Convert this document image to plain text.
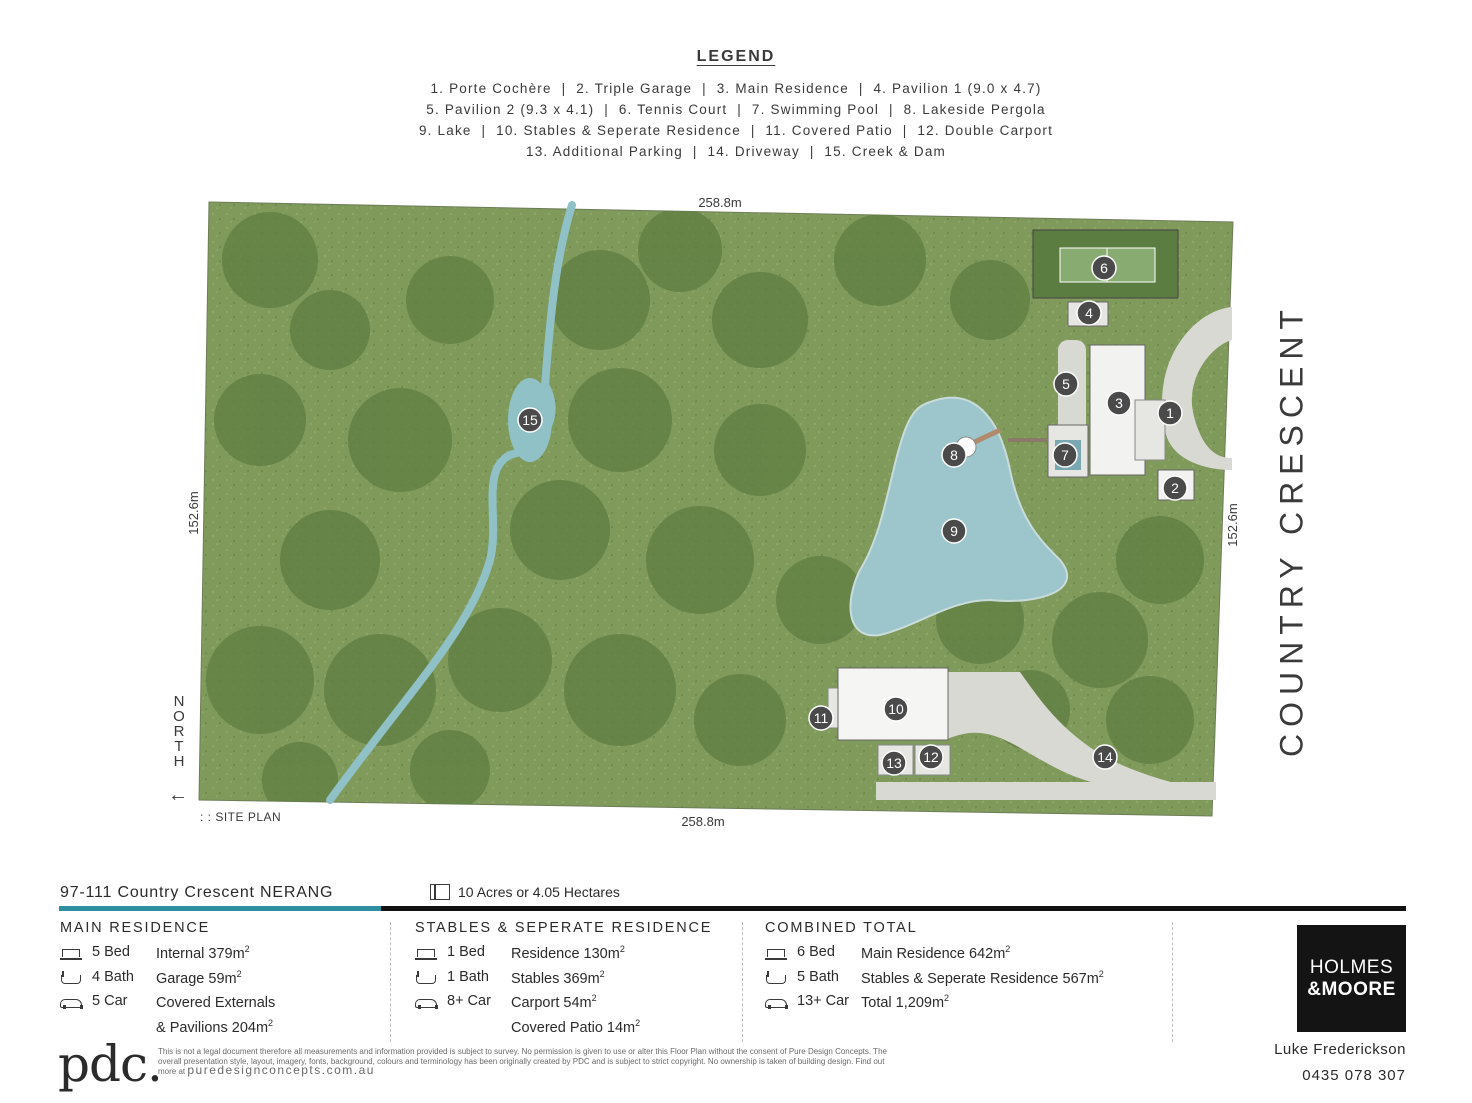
LEGEND
1. Porte Cochère  |  2. Triple Garage  |  3. Main Residence  |  4. Pavilion 1 (9.0 x 4.7)
5. Pavilion 2 (9.3 x 4.1)  |  6. Tennis Court  |  7. Swimming Pool  |  8. Lakeside Pergola
9. Lake  |  10. Stables & Seperate Residence  |  11. Covered Patio  |  12. Double Carport
13. Additional Parking  |  14. Driveway  |  15. Creek & Dam
258.8m
258.8m
152.6m	152.6m
1
2
3
4
5
6
7
8
9
10
11
12
13	14
15	COUNTRY CRESCENT
N
O
R
T
H
←
: : SITE PLAN
97-111 Country Crescent NERANG	10 Acres or 4.05 Hectares
MAIN RESIDENCE
5 Bed	Internal $379m^2$
4 Bath	Garage $59m^2$
5 Car	Covered Externals
& Pavilions $204m^2$
STABLES & SEPERATE RESIDENCE
1 Bed	Residence $130m^2$
1 Bath	Stables $369m^2$
8+ Car	Carport $54m^2$
Covered Patio $14m^2$
COMBINED TOTAL
6 Bed	Main Residence $642m^2$
5 Bath	Stables & Seperate Residence $567m^2$
13+ Car Total $1,209m^2$
HOLMES
&MOORE
Luke Frederickson
0435 078 307
pdc.
This is not a legal document therefore all measurements and information provided is subject to survey. No permission is given to use or alter this Floor Plan without the consent of Pure Design Concepts. The overall presentation style, layout, imagery, fonts, background, colours and terminology has been originally created by PDC and is subject to strict copyright. No ownership is taken of building design. Find out more at puredesignconcepts.com.au
